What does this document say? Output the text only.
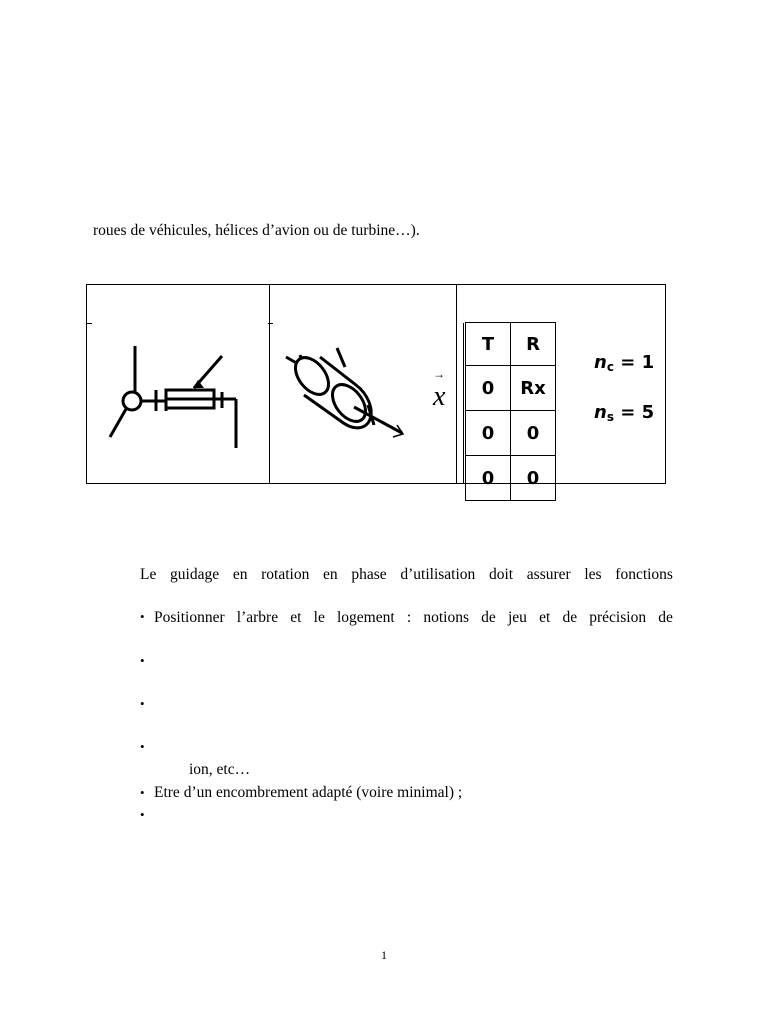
roues de véhicules, hélices d’avion ou de turbine…).
→
x
T	R
0	Rx
0	0
0	0
$n_c = 1$
$n_s = 5$
Le guidage en rotation en phase d’utilisation doit assurer les fonctions
• Positionner l’arbre et le logement : notions de jeu et de précision de
•
•
•
ion, etc…
• Etre d’un encombrement adapté (voire minimal) ;
•
1
